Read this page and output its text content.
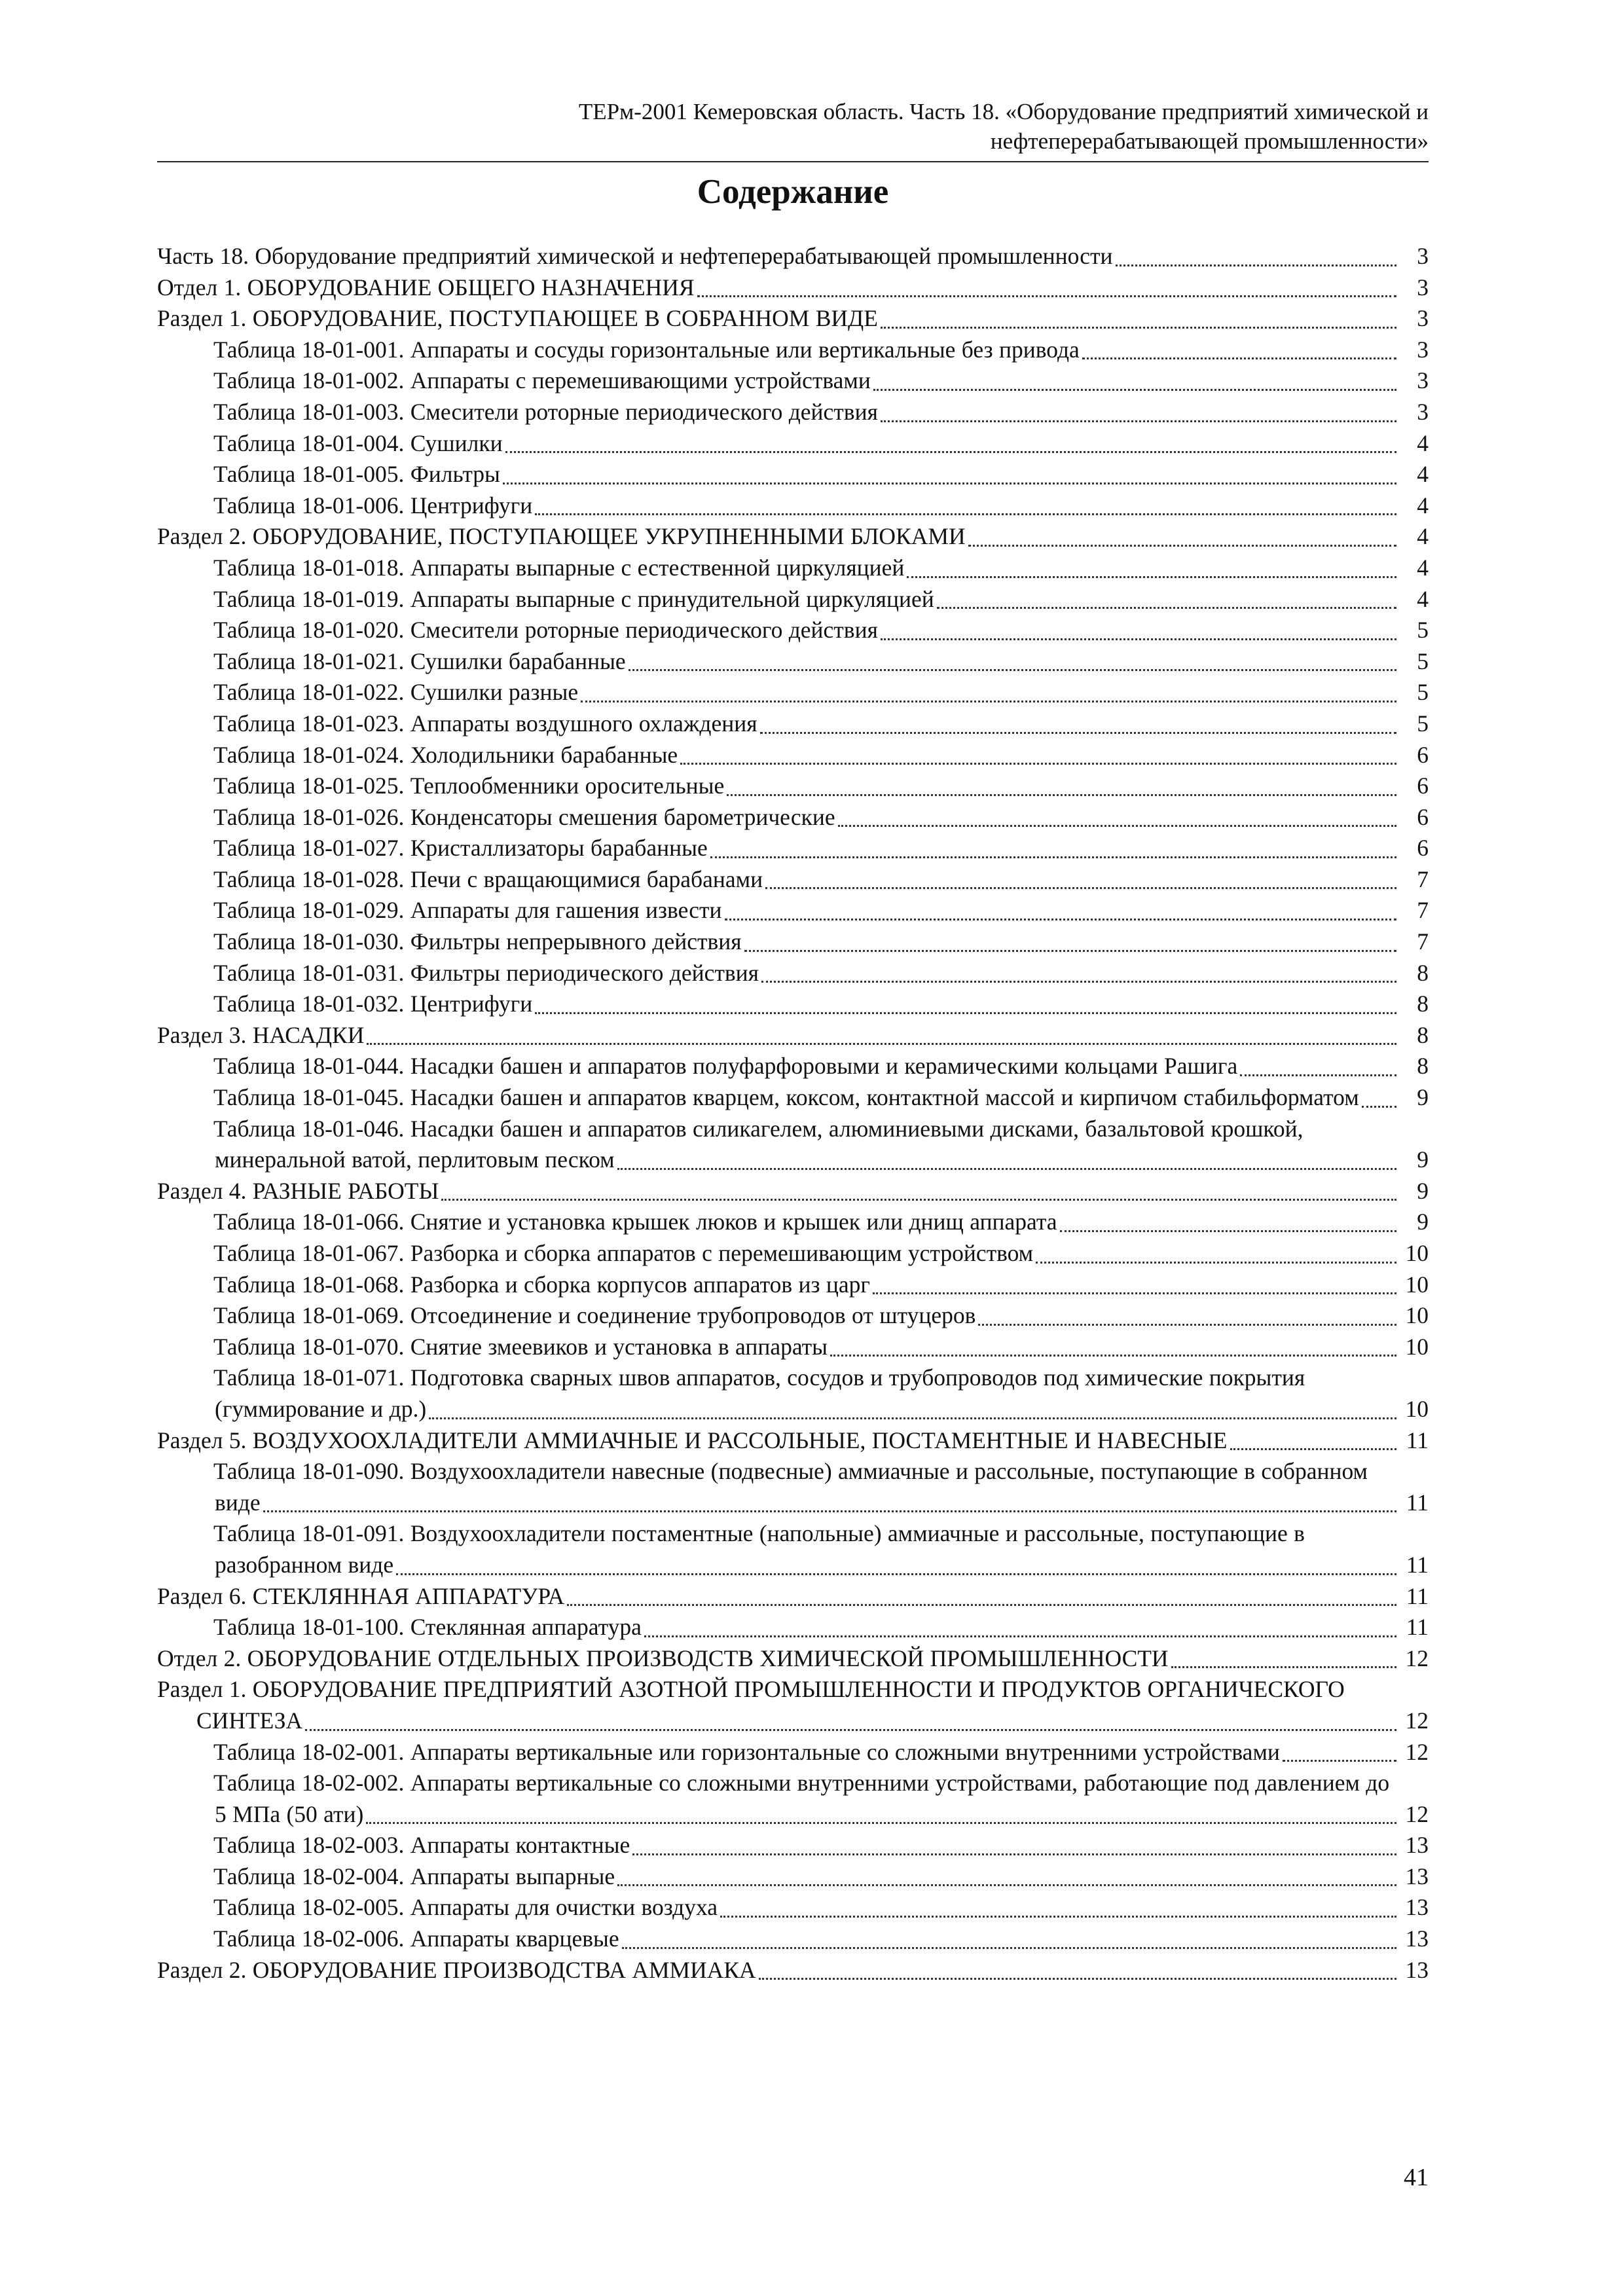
ТЕРм-2001 Кемеровская область. Часть 18. «Оборудование предприятий химической и
нефтеперерабатывающей промышленности»
Содержание
Часть 18. Оборудование предприятий химической и нефтеперерабатывающей промышленности	3
Отдел 1. ОБОРУДОВАНИЕ ОБЩЕГО НАЗНАЧЕНИЯ	3
Раздел 1. ОБОРУДОВАНИЕ, ПОСТУПАЮЩЕЕ В СОБРАННОМ ВИДЕ	3
Таблица 18-01-001. Аппараты и сосуды горизонтальные или вертикальные без привода	3
Таблица 18-01-002. Аппараты с перемешивающими устройствами	3
Таблица 18-01-003. Смесители роторные периодического действия	3
Таблица 18-01-004. Сушилки	4
Таблица 18-01-005. Фильтры	4
Таблица 18-01-006. Центрифуги	4
Раздел 2. ОБОРУДОВАНИЕ, ПОСТУПАЮЩЕЕ УКРУПНЕННЫМИ БЛОКАМИ	4
Таблица 18-01-018. Аппараты выпарные с естественной циркуляцией	4
Таблица 18-01-019. Аппараты выпарные с принудительной циркуляцией	4
Таблица 18-01-020. Смесители роторные периодического действия	5
Таблица 18-01-021. Сушилки барабанные	5
Таблица 18-01-022. Сушилки разные	5
Таблица 18-01-023. Аппараты воздушного охлаждения	5
Таблица 18-01-024. Холодильники барабанные	6
Таблица 18-01-025. Теплообменники оросительные	6
Таблица 18-01-026. Конденсаторы смешения барометрические	6
Таблица 18-01-027. Кристаллизаторы барабанные	6
Таблица 18-01-028. Печи с вращающимися барабанами	7
Таблица 18-01-029. Аппараты для гашения извести	7
Таблица 18-01-030. Фильтры непрерывного действия	7
Таблица 18-01-031. Фильтры периодического действия	8
Таблица 18-01-032. Центрифуги	8
Раздел 3. НАСАДКИ	8
Таблица 18-01-044. Насадки башен и аппаратов полуфарфоровыми и керамическими кольцами Рашига	8
Таблица 18-01-045. Насадки башен и аппаратов кварцем, коксом, контактной массой и кирпичом стабильформатом	9
Таблица 18-01-046. Насадки башен и аппаратов силикагелем, алюминиевыми дисками, базальтовой крошкой, минеральной ватой, перлитовым песком	9
Раздел 4. РАЗНЫЕ РАБОТЫ	9
Таблица 18-01-066. Снятие и установка крышек люков и крышек или днищ аппарата	9
Таблица 18-01-067. Разборка и сборка аппаратов с перемешивающим устройством	10
Таблица 18-01-068. Разборка и сборка корпусов аппаратов из царг	10
Таблица 18-01-069. Отсоединение и соединение трубопроводов от штуцеров	10
Таблица 18-01-070. Снятие змеевиков и установка в аппараты	10
Таблица 18-01-071. Подготовка сварных швов аппаратов, сосудов и трубопроводов под химические покрытия (гуммирование и др.)	10
Раздел 5. ВОЗДУХООХЛАДИТЕЛИ АММИАЧНЫЕ И РАССОЛЬНЫЕ, ПОСТАМЕНТНЫЕ И НАВЕСНЫЕ	11
Таблица 18-01-090. Воздухоохладители навесные (подвесные) аммиачные и рассольные, поступающие в собранном виде	11
Таблица 18-01-091. Воздухоохладители постаментные (напольные) аммиачные и рассольные, поступающие в разобранном виде	11
Раздел 6. СТЕКЛЯННАЯ АППАРАТУРА	11
Таблица 18-01-100. Стеклянная аппаратура	11
Отдел 2. ОБОРУДОВАНИЕ ОТДЕЛЬНЫХ ПРОИЗВОДСТВ ХИМИЧЕСКОЙ ПРОМЫШЛЕННОСТИ	12
Раздел 1. ОБОРУДОВАНИЕ ПРЕДПРИЯТИЙ АЗОТНОЙ ПРОМЫШЛЕННОСТИ И ПРОДУКТОВ ОРГАНИЧЕСКОГО СИНТЕЗА	12
Таблица 18-02-001. Аппараты вертикальные или горизонтальные со сложными внутренними устройствами	12
Таблица 18-02-002. Аппараты вертикальные со сложными внутренними устройствами, работающие под давлением до 5 МПа (50 ати)	12
Таблица 18-02-003. Аппараты контактные	13
Таблица 18-02-004. Аппараты выпарные	13
Таблица 18-02-005. Аппараты для очистки воздуха	13
Таблица 18-02-006. Аппараты кварцевые	13
Раздел 2. ОБОРУДОВАНИЕ ПРОИЗВОДСТВА АММИАКА	13
41
